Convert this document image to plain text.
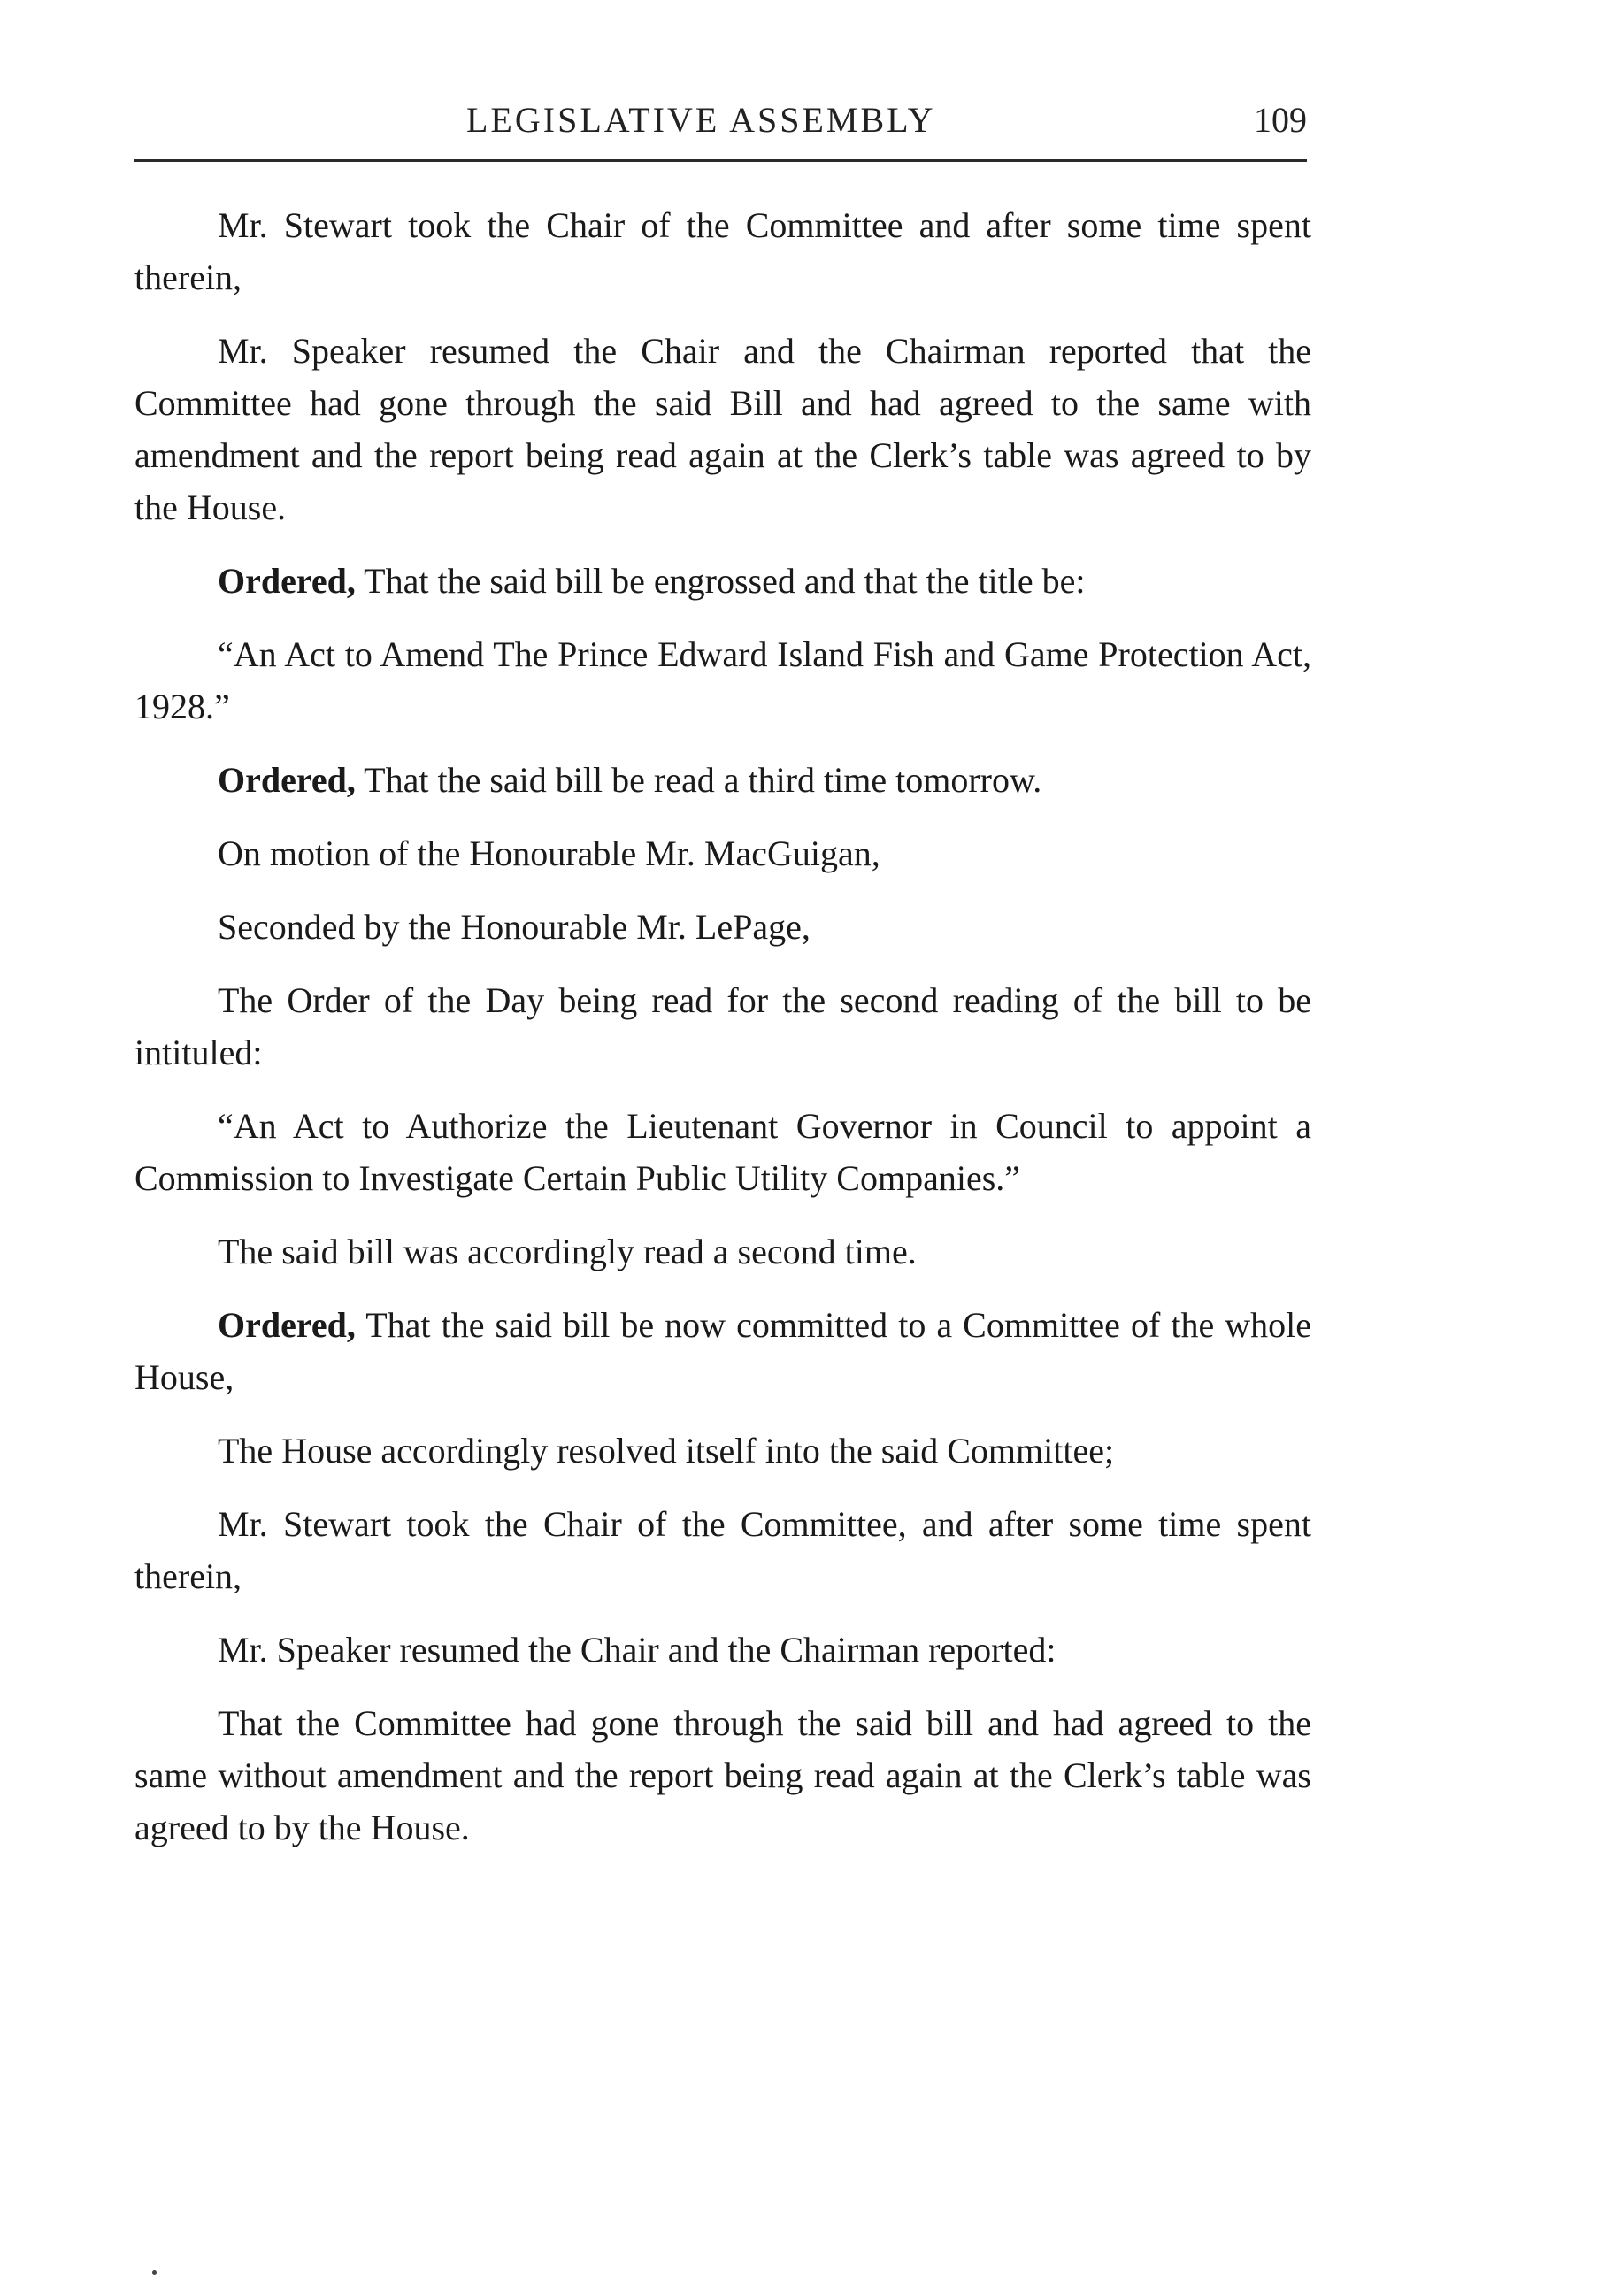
LEGISLATIVE ASSEMBLY	109

Mr. Stewart took the Chair of the Committee and after some time spent therein,

Mr. Speaker resumed the Chair and the Chairman reported that the Committee had gone through the said Bill and had agreed to the same with amendment and the report being read again at the Clerk’s table was agreed to by the House.

Ordered, That the said bill be engrossed and that the title be:

“An Act to Amend The Prince Edward Island Fish and Game Protection Act, 1928.”

Ordered, That the said bill be read a third time tomorrow.

On motion of the Honourable Mr. MacGuigan,

Seconded by the Honourable Mr. LePage,

The Order of the Day being read for the second reading of the bill to be intituled:

“An Act to Authorize the Lieutenant Governor in Council to appoint a Commission to Investigate Certain Public Utility Companies.”

The said bill was accordingly read a second time.

Ordered, That the said bill be now committed to a Committee of the whole House,

The House accordingly resolved itself into the said Committee;

Mr. Stewart took the Chair of the Committee, and after some time spent therein,

Mr. Speaker resumed the Chair and the Chairman reported:

That the Committee had gone through the said bill and had agreed to the same without amendment and the report being read again at the Clerk’s table was agreed to by the House.
